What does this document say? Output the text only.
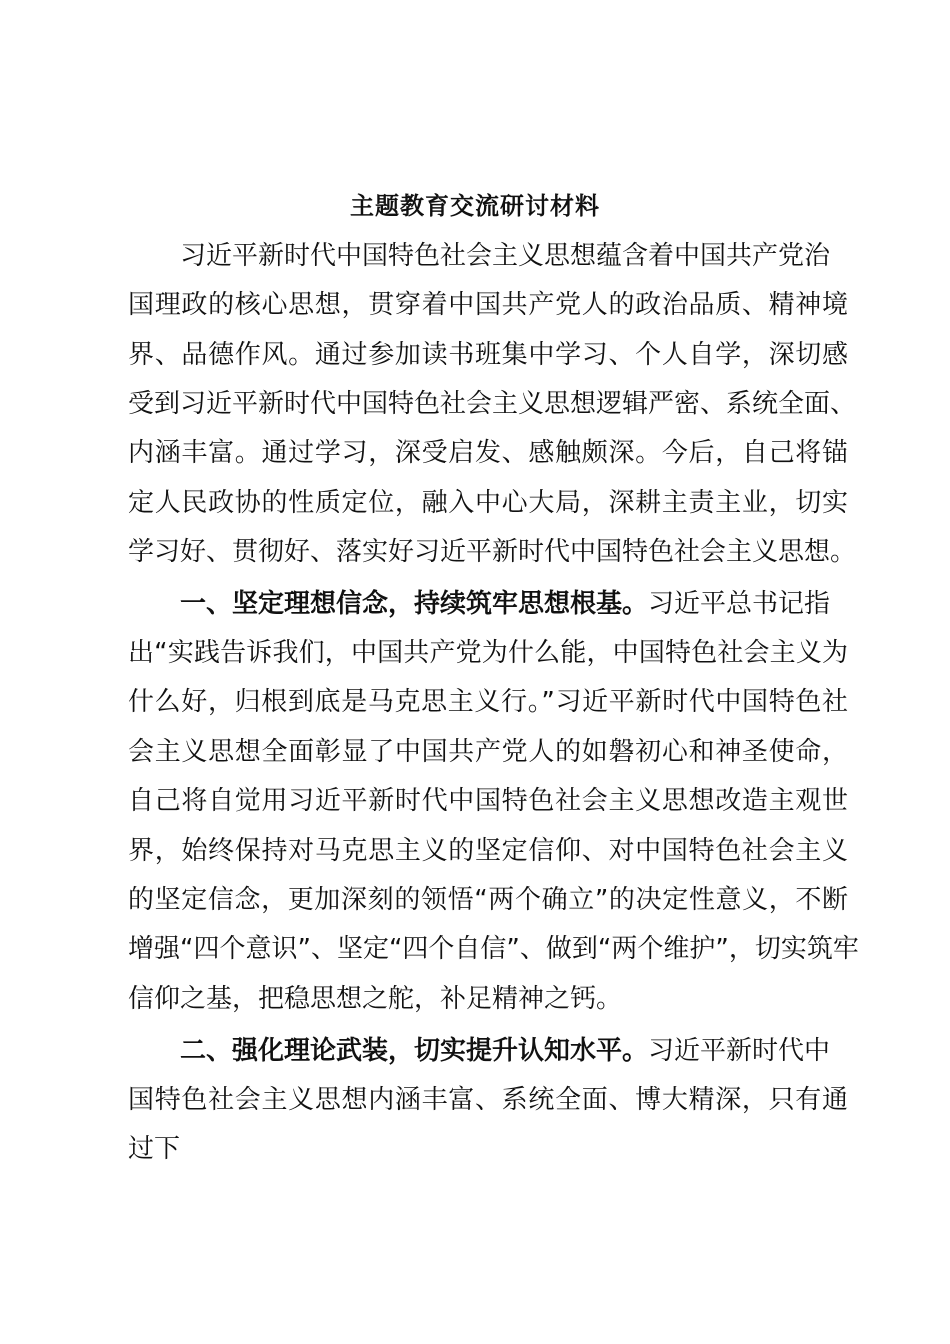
主题教育交流研讨材料
习近平新时代中国特色社会主义思想蕴含着中国共产党治
国理政的核心思想，贯穿着中国共产党人的政治品质、精神境
界、品德作风。通过参加读书班集中学习、个人自学，深切感
受到习近平新时代中国特色社会主义思想逻辑严密、系统全面、
内涵丰富。通过学习，深受启发、感触颇深。今后，自己将锚
定人民政协的性质定位，融入中心大局，深耕主责主业，切实
学习好、贯彻好、落实好习近平新时代中国特色社会主义思想。
一、坚定理想信念，持续筑牢思想根基。习近平总书记指
出“实践告诉我们，中国共产党为什么能，中国特色社会主义为
什么好，归根到底是马克思主义行。”习近平新时代中国特色社
会主义思想全面彰显了中国共产党人的如磐初心和神圣使命，
自己将自觉用习近平新时代中国特色社会主义思想改造主观世
界，始终保持对马克思主义的坚定信仰、对中国特色社会主义
的坚定信念，更加深刻的领悟“两个确立”的决定性意义，不断
增强“四个意识”、坚定“四个自信”、做到“两个维护”，切实筑牢
信仰之基，把稳思想之舵，补足精神之钙。
二、强化理论武装，切实提升认知水平。习近平新时代中
国特色社会主义思想内涵丰富、系统全面、博大精深，只有通
过下
